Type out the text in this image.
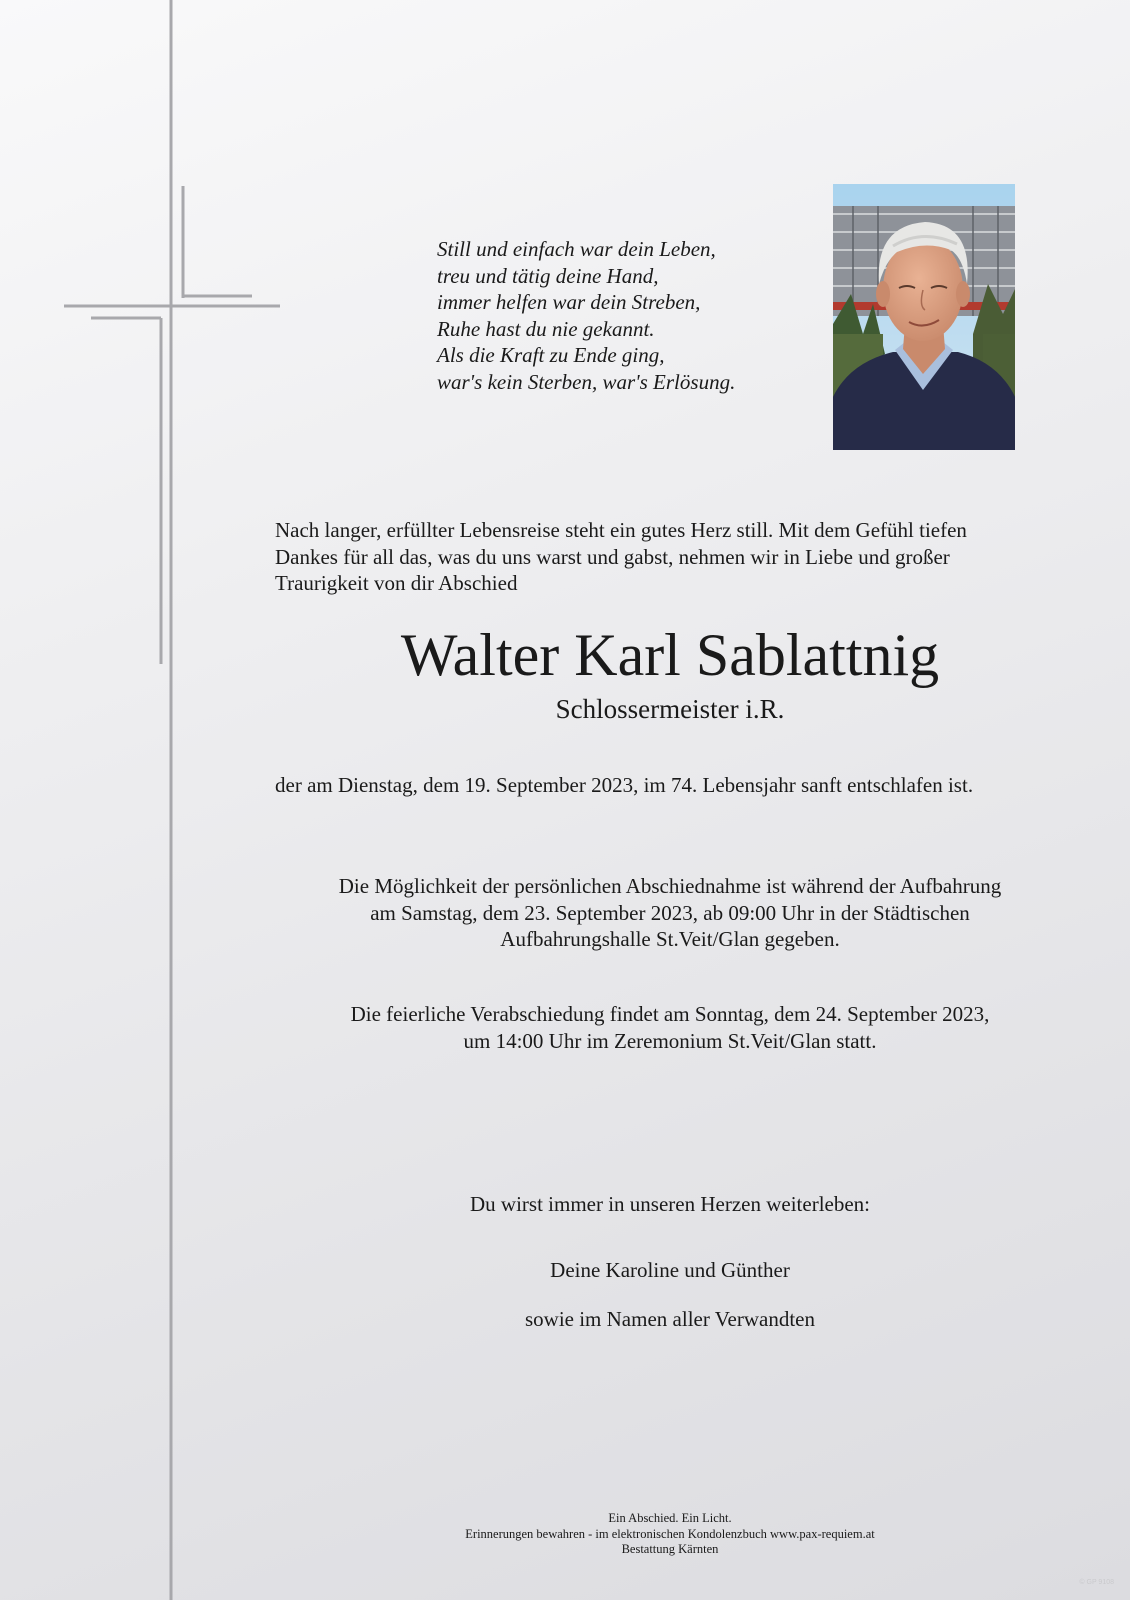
Still und einfach war dein Leben,
treu und tätig deine Hand,
immer helfen war dein Streben,
Ruhe hast du nie gekannt.
Als die Kraft zu Ende ging,
war's kein Sterben, war's Erlösung.
Nach langer, erfüllter Lebensreise steht ein gutes Herz still. Mit dem Gefühl tiefen
Dankes für all das, was du uns warst und gabst, nehmen wir in Liebe und großer
Traurigkeit von dir Abschied
Walter Karl Sablattnig
Schlossermeister i.R.
der am Dienstag, dem 19. September 2023, im 74. Lebensjahr sanft entschlafen ist.
Die Möglichkeit der persönlichen Abschiednahme ist während der Aufbahrung
am Samstag, dem 23. September 2023, ab 09:00 Uhr in der Städtischen
Aufbahrungshalle St.Veit/Glan gegeben.
Die feierliche Verabschiedung findet am Sonntag, dem 24. September 2023,
um 14:00 Uhr im Zeremonium St.Veit/Glan statt.
Du wirst immer in unseren Herzen weiterleben:
Deine Karoline und Günther
sowie im Namen aller Verwandten
Ein Abschied. Ein Licht.
Erinnerungen bewahren - im elektronischen Kondolenzbuch www.pax-requiem.at
Bestattung Kärnten
© GP 9108
